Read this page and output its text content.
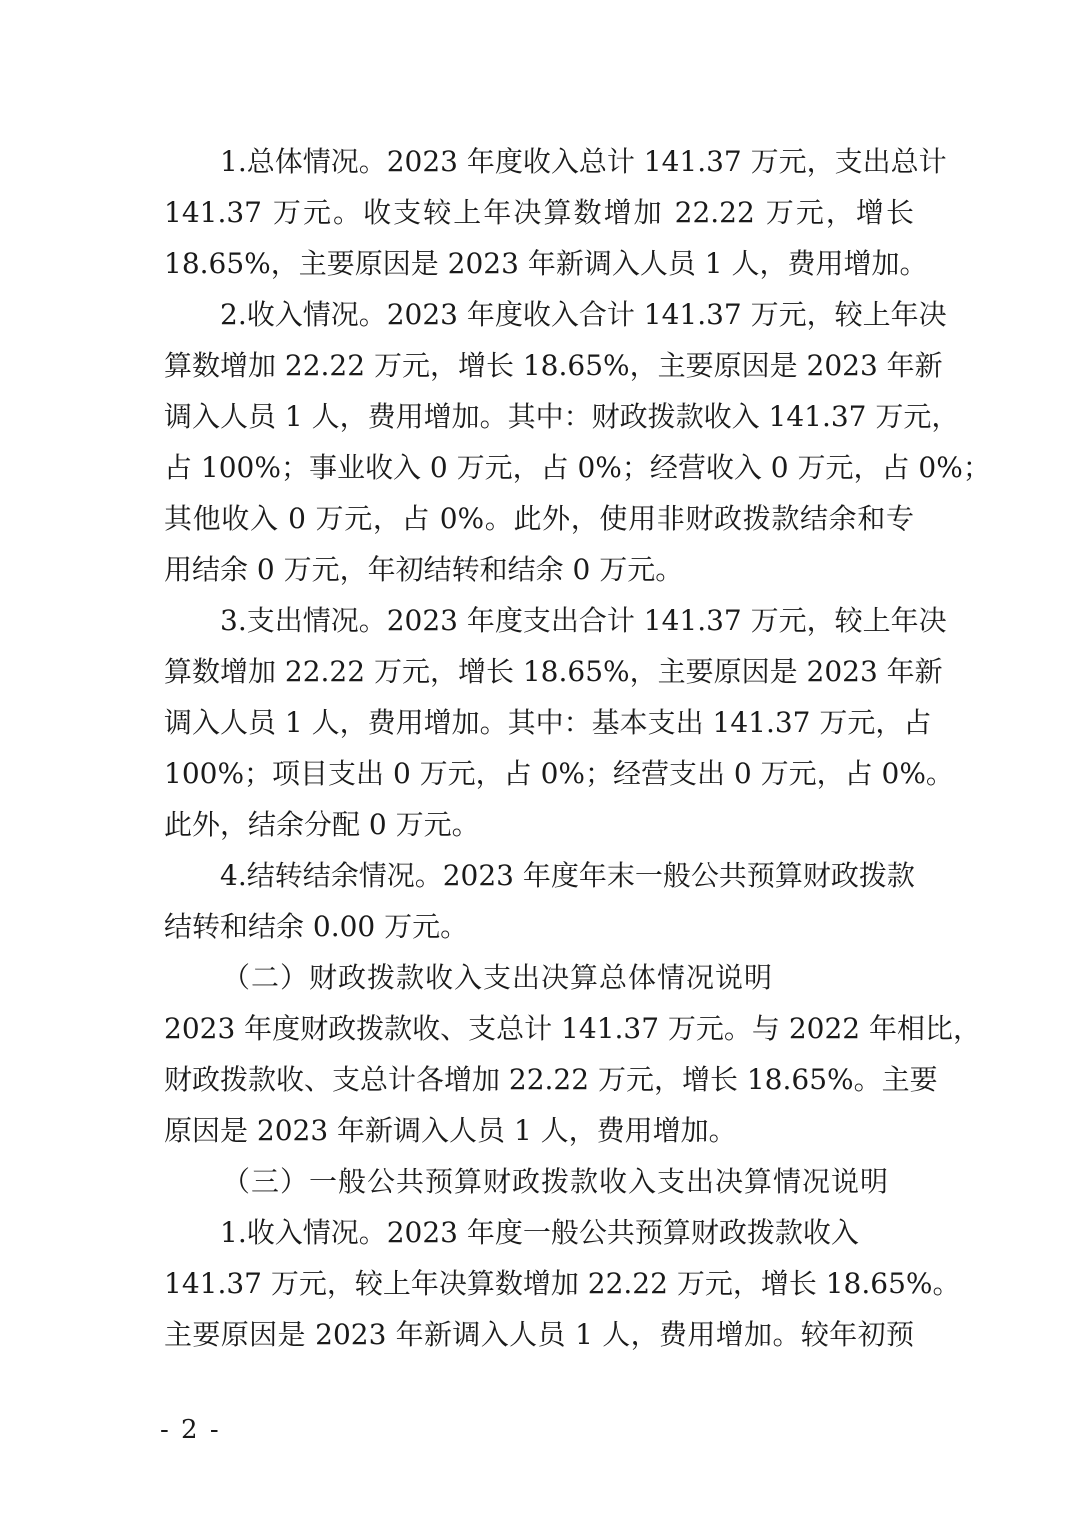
1.总体情况。2023 年度收入总计 141.37 万元，支出总计
141.37 万元。收支较上年决算数增加 22.22 万元，增长
18.65%，主要原因是 2023 年新调入人员 1 人，费用增加。
2.收入情况。2023 年度收入合计 141.37 万元，较上年决
算数增加 22.22 万元，增长 18.65%，主要原因是 2023 年新
调入人员 1 人，费用增加。其中：财政拨款收入 141.37 万元，
占 100%；事业收入 0 万元，占 0%；经营收入 0 万元，占 0%；
其他收入 0 万元，占 0%。此外，使用非财政拨款结余和专
用结余 0 万元，年初结转和结余 0 万元。
3.支出情况。2023 年度支出合计 141.37 万元，较上年决
算数增加 22.22 万元，增长 18.65%，主要原因是 2023 年新
调入人员 1 人，费用增加。其中：基本支出 141.37 万元，占
100%；项目支出 0 万元，占 0%；经营支出 0 万元，占 0%。
此外，结余分配 0 万元。
4.结转结余情况。2023 年度年末一般公共预算财政拨款
结转和结余 0.00 万元。
（二）财政拨款收入支出决算总体情况说明
2023 年度财政拨款收、支总计 141.37 万元。与 2022 年相比，
财政拨款收、支总计各增加 22.22 万元，增长 18.65%。主要
原因是 2023 年新调入人员 1 人，费用增加。
（三）一般公共预算财政拨款收入支出决算情况说明
1.收入情况。2023 年度一般公共预算财政拨款收入
141.37 万元，较上年决算数增加 22.22 万元，增长 18.65%。
主要原因是 2023 年新调入人员 1 人，费用增加。较年初预
- 2 -
